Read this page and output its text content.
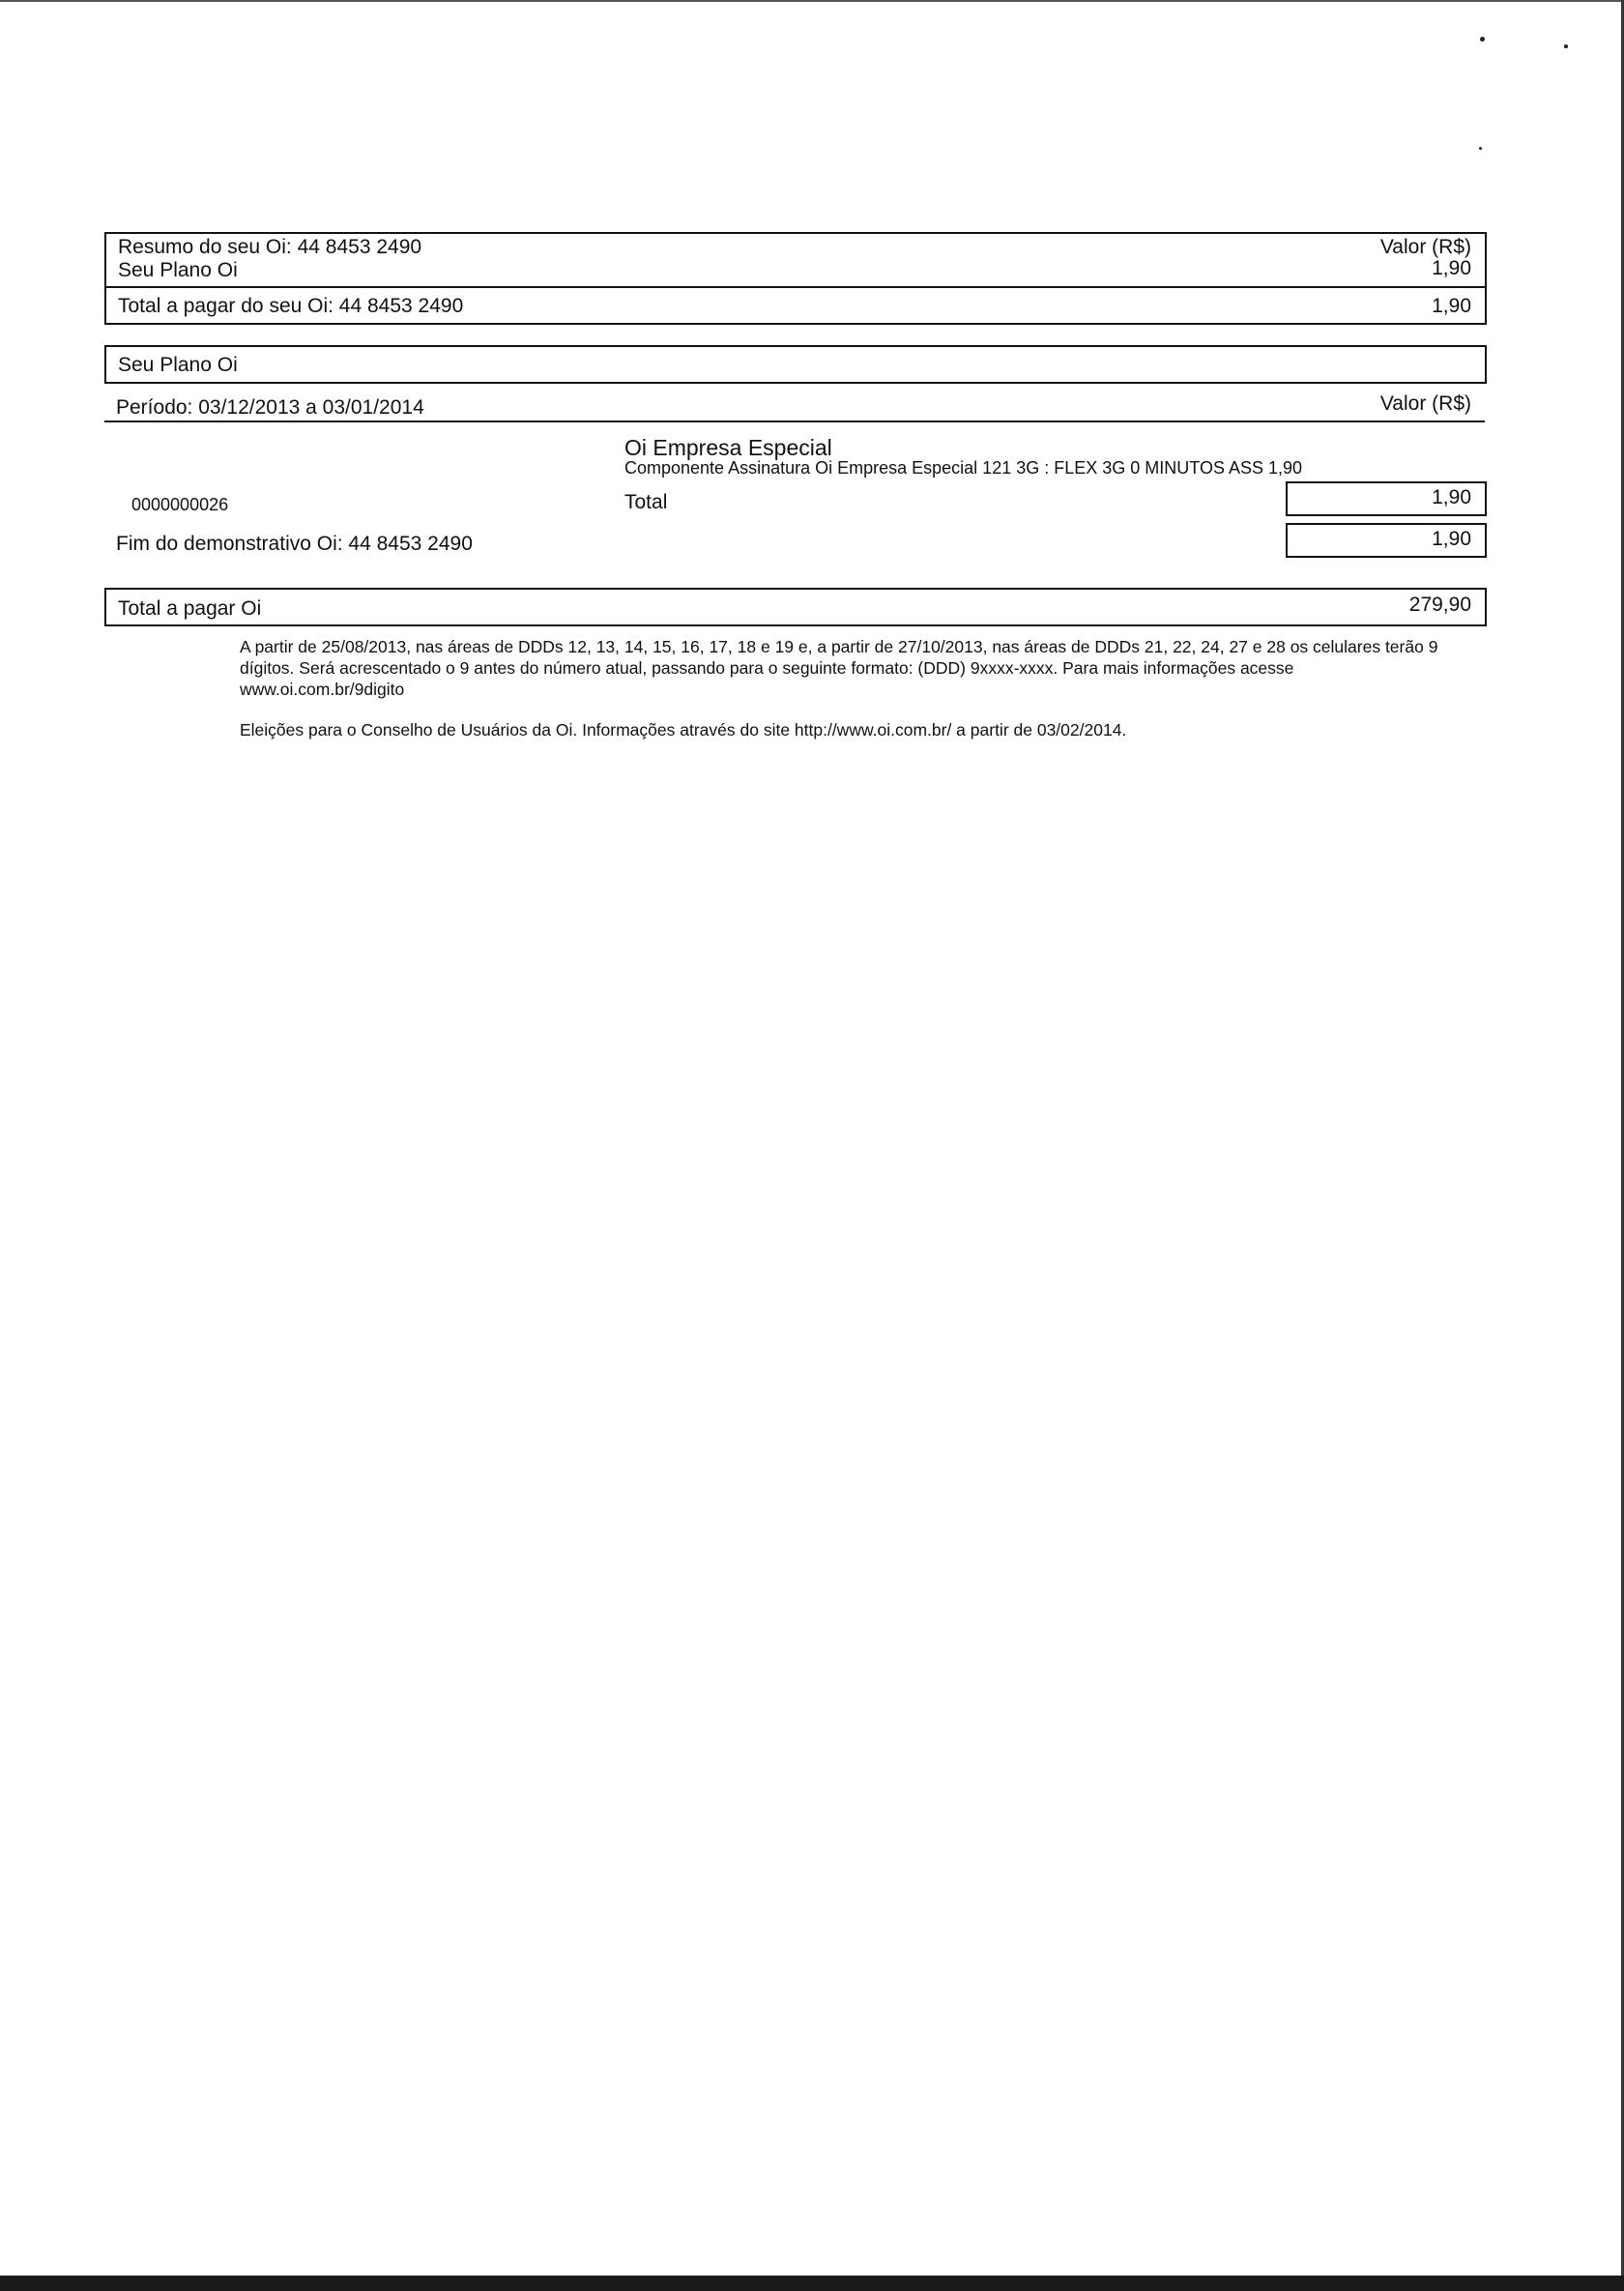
Resumo do seu Oi: 44 8453 2490	Valor (R$)
Seu Plano Oi	1,90
Total a pagar do seu Oi: 44 8453 2490	1,90
Seu Plano Oi
Período: 03/12/2013 a 03/01/2014	Valor (R$)
Oi Empresa Especial
Componente Assinatura Oi Empresa Especial 121 3G : FLEX 3G 0 MINUTOS ASS 1,90
0000000026	Total	1,90
Fim do demonstrativo Oi: 44 8453 2490	1,90
Total a pagar Oi	279,90

A partir de 25/08/2013, nas áreas de DDDs 12, 13, 14, 15, 16, 17, 18 e 19 e, a partir de 27/10/2013, nas áreas de DDDs 21, 22, 24, 27 e 28 os celulares terão 9 dígitos. Será acrescentado o 9 antes do número atual, passando para o seguinte formato: (DDD) 9xxxx-xxxx. Para mais informações acesse www.oi.com.br/9digito

Eleições para o Conselho de Usuários da Oi. Informações através do site http://www.oi.com.br/ a partir de 03/02/2014.
